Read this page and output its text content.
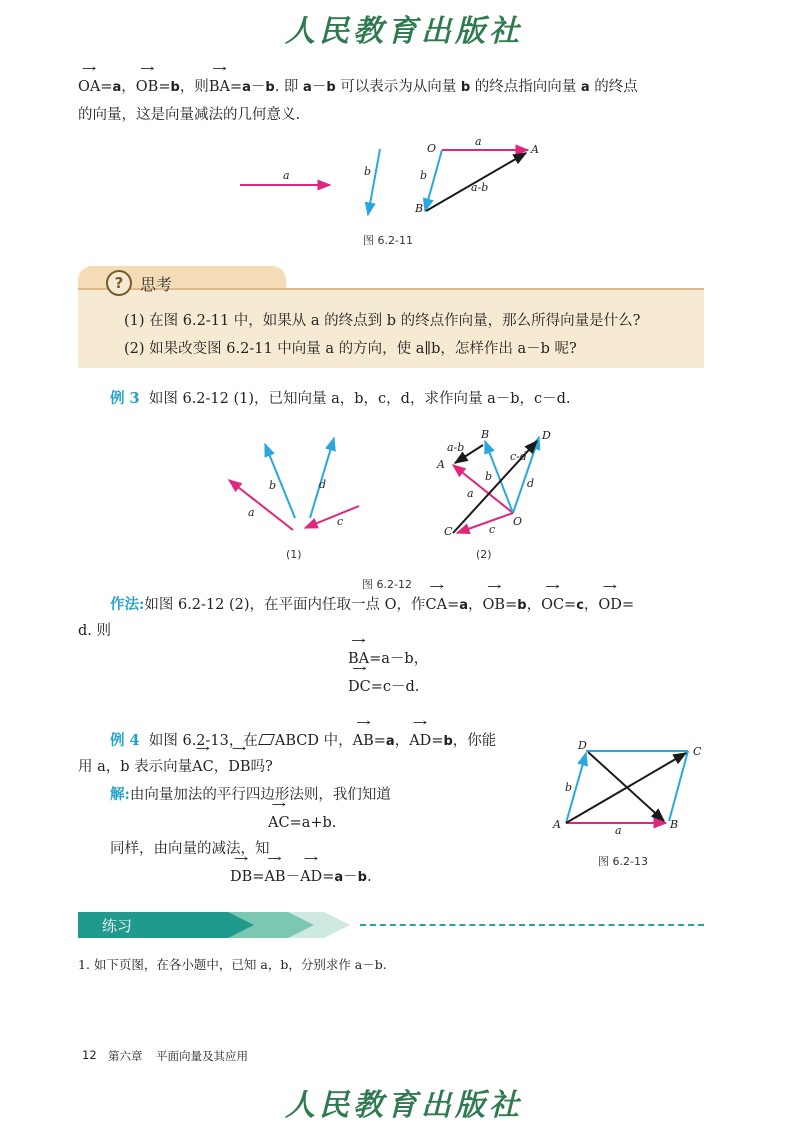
人民教育出版社
→ OA=a，→ OB=b，则→ BA=a－b. 即 a－b 可以表示为从向量 b 的终点指向向量 a 的终点
的向量，这是向量减法的几何意义.
a	b
a
b
a-b
O	A
B
图 6.2-11
?	思考
(1) 在图 6.2-11 中，如果从 a 的终点到 b 的终点作向量，那么所得向量是什么?
(2) 如果改变图 6.2-11 中向量 a 的方向，使 a∥b，怎样作出 a－b 呢?
例 3 如图 6.2-12 (1)，已知向量 a，b，c，d，求作向量 a－b，c－d.
a
b	d
c
(1)
a
b
d
c
a-b
c-d
B	D
A
C
O
(2)
图 6.2-12
作法:如图 6.2-12 (2)，在平面内任取一点 O，作→ CA=a，→ OB=b，→ OC=c，→ OD=
d. 则
→ BA=a－b，
→ DC=c－d.
例 4 如图 6.2-13，在 ABCD 中，→ AB=a，→ AD=b，你能
用 a，b 表示向量→ AC，→ DB吗?
解:由向量加法的平行四边形法则，我们知道
→ AC=a+b.
同样，由向量的减法，知
→ DB=→ AB－→ AD=a－b.
D	C
A	B
b
a
图 6.2-13
练习
1. 如下页图，在各小题中，已知 a，b，分别求作 a－b.
12 第六章 平面向量及其应用
人民教育出版社
